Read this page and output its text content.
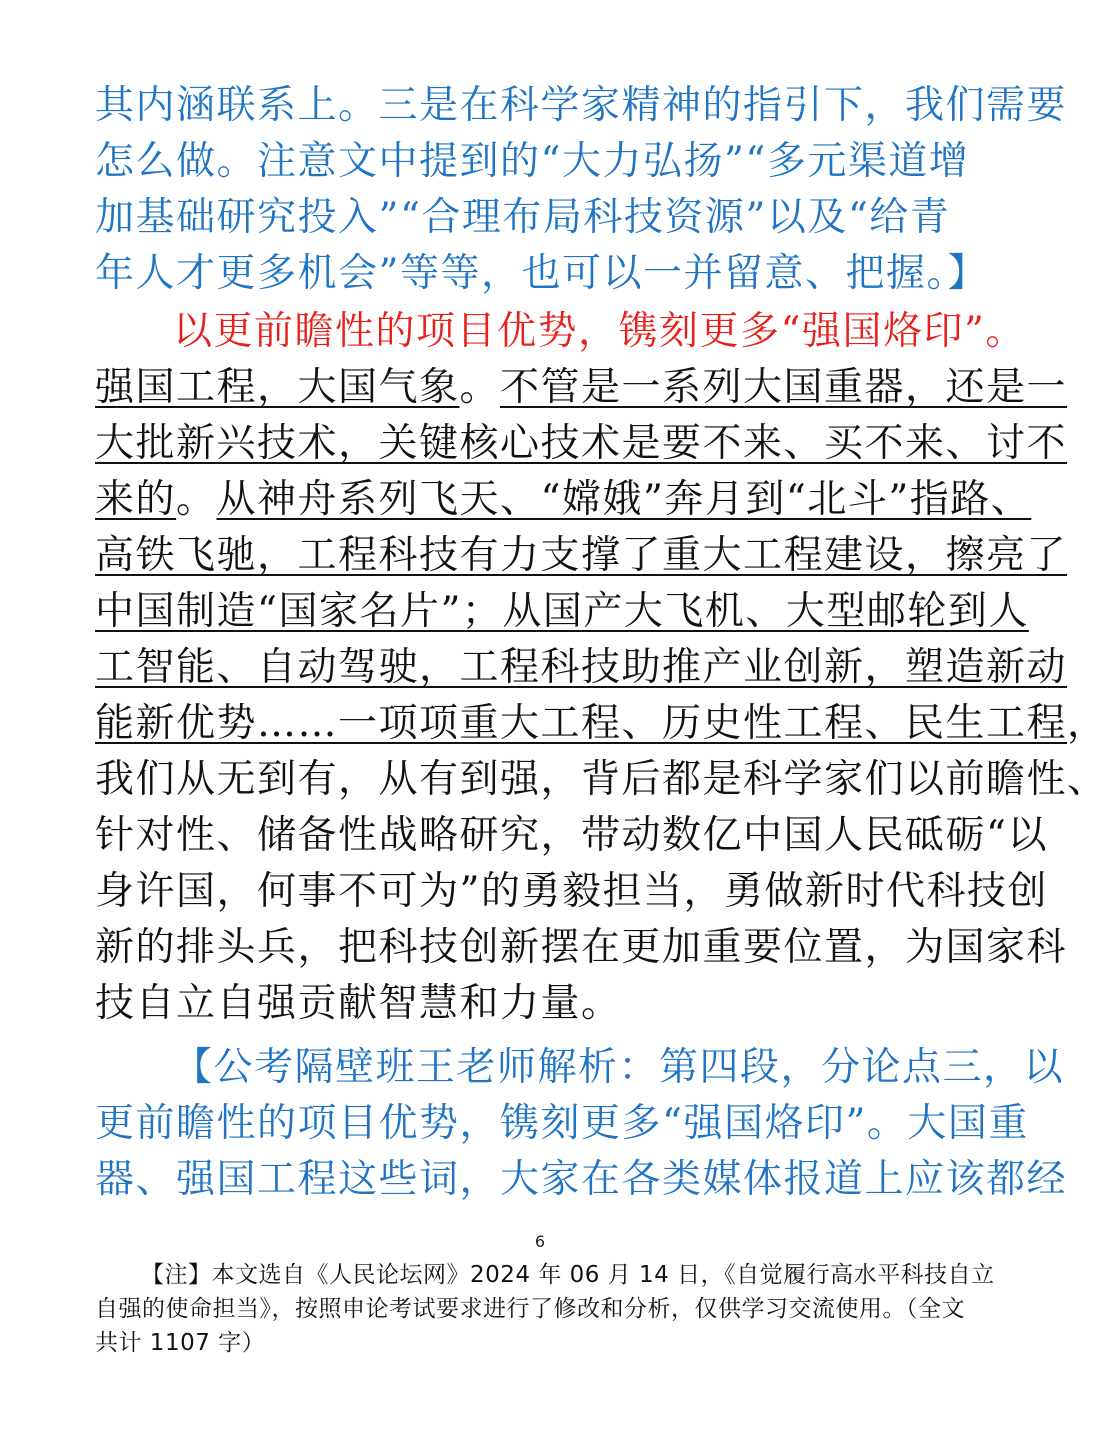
其内涵联系上。三是在科学家精神的指引下，我们需要
怎么做。注意文中提到的“大力弘扬”“多元渠道增
加基础研究投入”“合理布局科技资源”以及“给青
年人才更多机会”等等，也可以一并留意、把握。】
以更前瞻性的项目优势，镌刻更多“强国烙印”。
强国工程，大国气象。不管是一系列大国重器，还是一
大批新兴技术，关键核心技术是要不来、买不来、讨不
来的。从神舟系列飞天、“嫦娥”奔月到“北斗”指路、
高铁飞驰，工程科技有力支撑了重大工程建设，擦亮了
中国制造“国家名片”；从国产大飞机、大型邮轮到人
工智能、自动驾驶，工程科技助推产业创新，塑造新动
能新优势……一项项重大工程、历史性工程、民生工程，
我们从无到有，从有到强，背后都是科学家们以前瞻性、
针对性、储备性战略研究，带动数亿中国人民砥砺“以
身许国，何事不可为”的勇毅担当，勇做新时代科技创
新的排头兵，把科技创新摆在更加重要位置，为国家科
技自立自强贡献智慧和力量。
【公考隔壁班王老师解析：第四段，分论点三，以
更前瞻性的项目优势，镌刻更多“强国烙印”。大国重
器、强国工程这些词，大家在各类媒体报道上应该都经
6
【注】本文选自《人民论坛网》2024 年 06 月 14 日，《自觉履行高水平科技自立
自强的使命担当》，按照申论考试要求进行了修改和分析，仅供学习交流使用。（全文
共计 1107 字）
